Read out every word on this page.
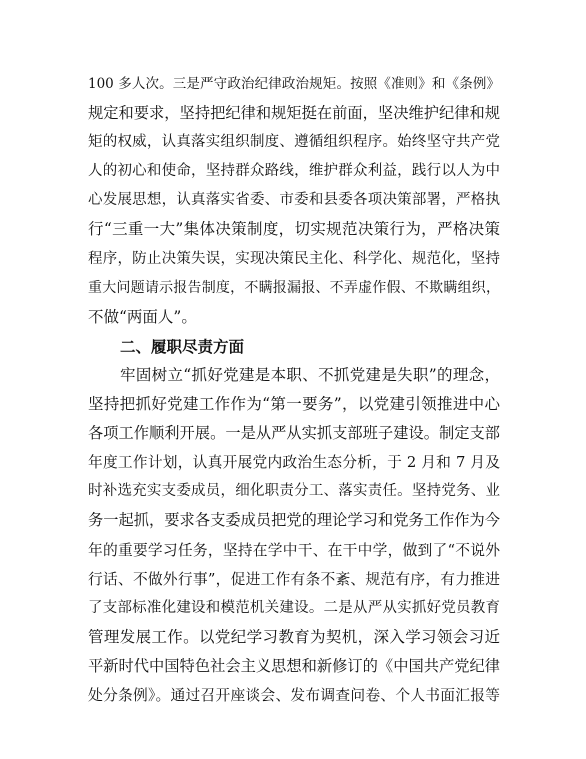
100 多人次。三是严守政治纪律政治规矩。按照《准则》和《条例》
规定和要求，坚持把纪律和规矩挺在前面，坚决维护纪律和规
矩的权威，认真落实组织制度、遵循组织程序。始终坚守共产党
人的初心和使命，坚持群众路线，维护群众利益，践行以人为中
心发展思想，认真落实省委、市委和县委各项决策部署，严格执
行“三重一大”集体决策制度，切实规范决策行为，严格决策
程序，防止决策失误，实现决策民主化、科学化、规范化，坚持
重大问题请示报告制度，不瞒报漏报、不弄虚作假、不欺瞒组织，
不做“两面人”。
二、履职尽责方面
牢固树立“抓好党建是本职、不抓党建是失职”的理念，
坚持把抓好党建工作作为“第一要务”，以党建引领推进中心
各项工作顺利开展。一是从严从实抓支部班子建设。制定支部
年度工作计划，认真开展党内政治生态分析，于 2 月和 7 月及
时补选充实支委成员，细化职责分工、落实责任。坚持党务、业
务一起抓，要求各支委成员把党的理论学习和党务工作作为今
年的重要学习任务，坚持在学中干、在干中学，做到了“不说外
行话、不做外行事”，促进工作有条不紊、规范有序，有力推进
了支部标准化建设和模范机关建设。二是从严从实抓好党员教育
管理发展工作。以党纪学习教育为契机，深入学习领会习近
平新时代中国特色社会主义思想和新修订的《中国共产党纪律
处分条例》。通过召开座谈会、发布调查问卷、个人书面汇报等
